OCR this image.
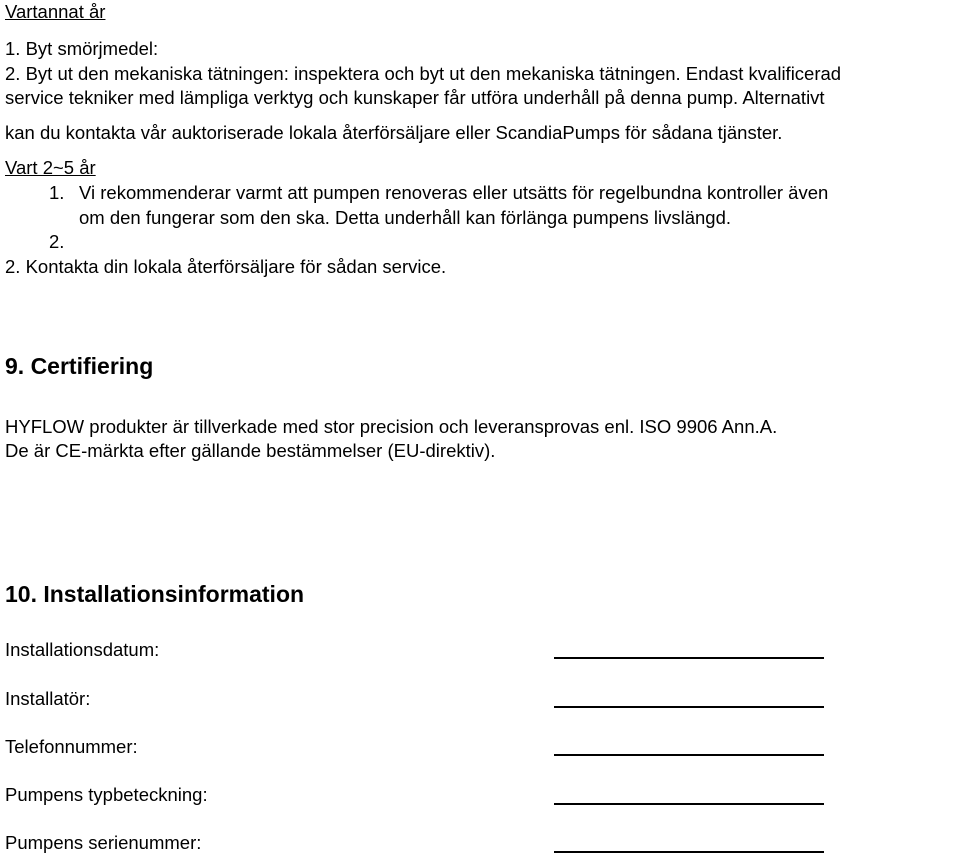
Vartannat år
1. Byt smörjmedel:
2. Byt ut den mekaniska tätningen: inspektera och byt ut den mekaniska tätningen. Endast kvalificerad
service tekniker med lämpliga verktyg och kunskaper får utföra underhåll på denna pump. Alternativt
kan du kontakta vår auktoriserade lokala återförsäljare eller ScandiaPumps för sådana tjänster.
Vart 2~5 år
1. Vi rekommenderar varmt att pumpen renoveras eller utsätts för regelbundna kontroller även
om den fungerar som den ska. Detta underhåll kan förlänga pumpens livslängd.
2.
2. Kontakta din lokala återförsäljare för sådan service.
9. Certifiering
HYFLOW produkter är tillverkade med stor precision och leveransprovas enl. ISO 9906 Ann.A.
De är CE-märkta efter gällande bestämmelser (EU-direktiv).
10. Installationsinformation
Installationsdatum:
Installatör:
Telefonnummer:
Pumpens typbeteckning:
Pumpens serienummer:
